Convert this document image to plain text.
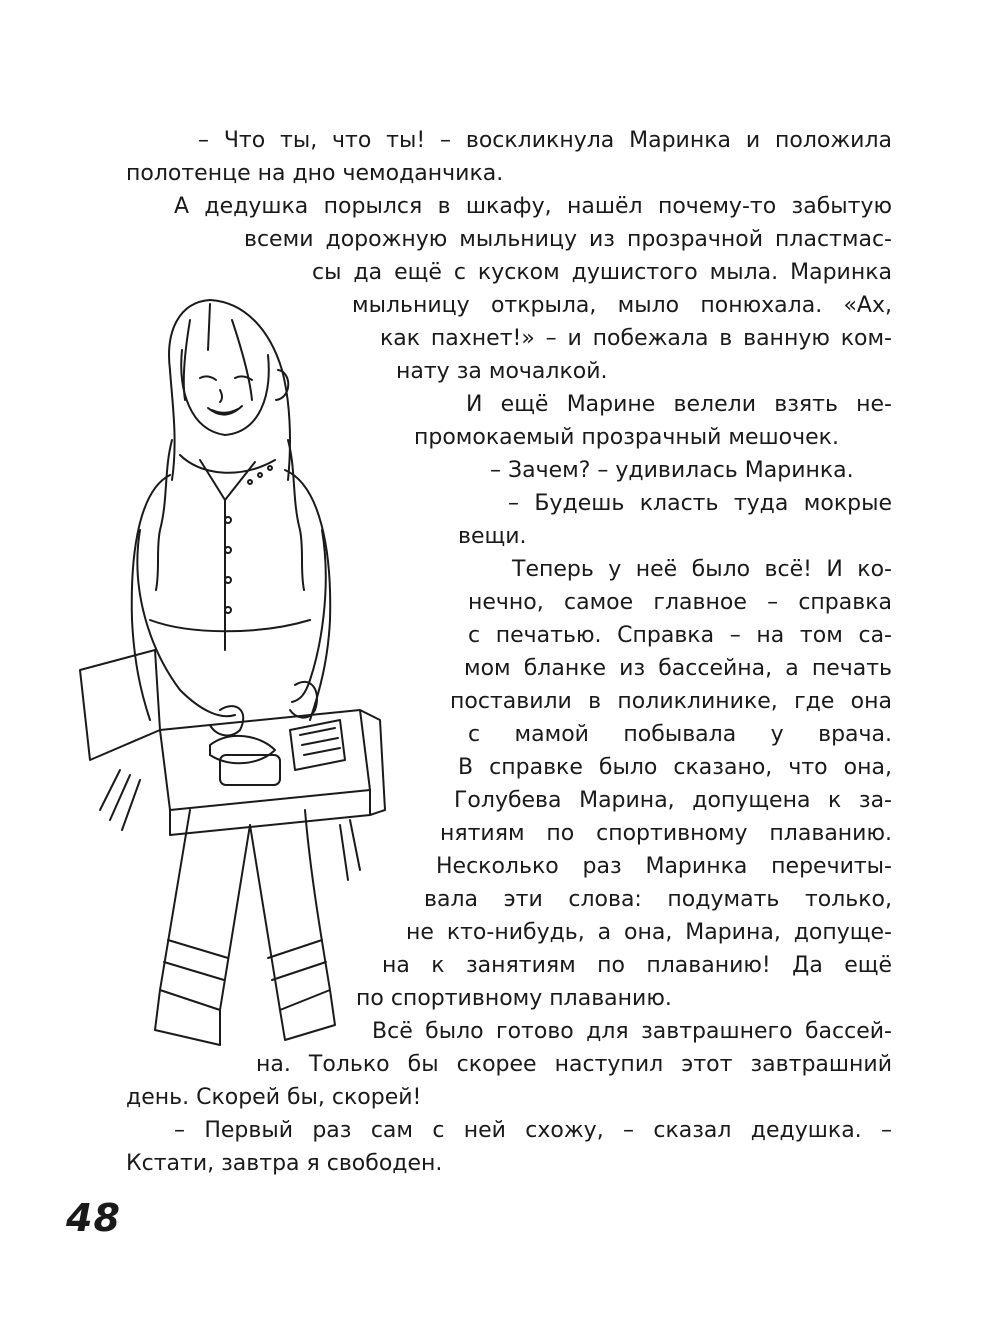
– Что ты, что ты! – воскликнула Маринка и положила
полотенце на дно чемоданчика.
А дедушка порылся в шкафу, нашёл почему-то забытую
всеми дорожную мыльницу из прозрачной пластмас-
сы да ещё с куском душистого мыла. Маринка
мыльницу открыла, мыло понюхала. «Ах,
как пахнет!» – и побежала в ванную ком-
нату за мочалкой.
И ещё Марине велели взять не-
промокаемый прозрачный мешочек.
– Зачем? – удивилась Маринка.
– Будешь класть туда мокрые
вещи.
Теперь у неё было всё! И ко-
нечно, самое главное – справка
с печатью. Справка – на том са-
мом бланке из бассейна, а печать
поставили в поликлинике, где она
с мамой побывала у врача.
В справке было сказано, что она,
Голубева Марина, допущена к за-
нятиям по спортивному плаванию.
Несколько раз Маринка перечиты-
вала эти слова: подумать только,
не кто-нибудь, а она, Марина, допуще-
на к занятиям по плаванию! Да ещё
по спортивному плаванию.
Всё было готово для завтрашнего бассей-
на. Только бы скорее наступил этот завтрашний
день. Скорей бы, скорей!
– Первый раз сам с ней схожу, – сказал дедушка. –
Кстати, завтра я свободен.
48
